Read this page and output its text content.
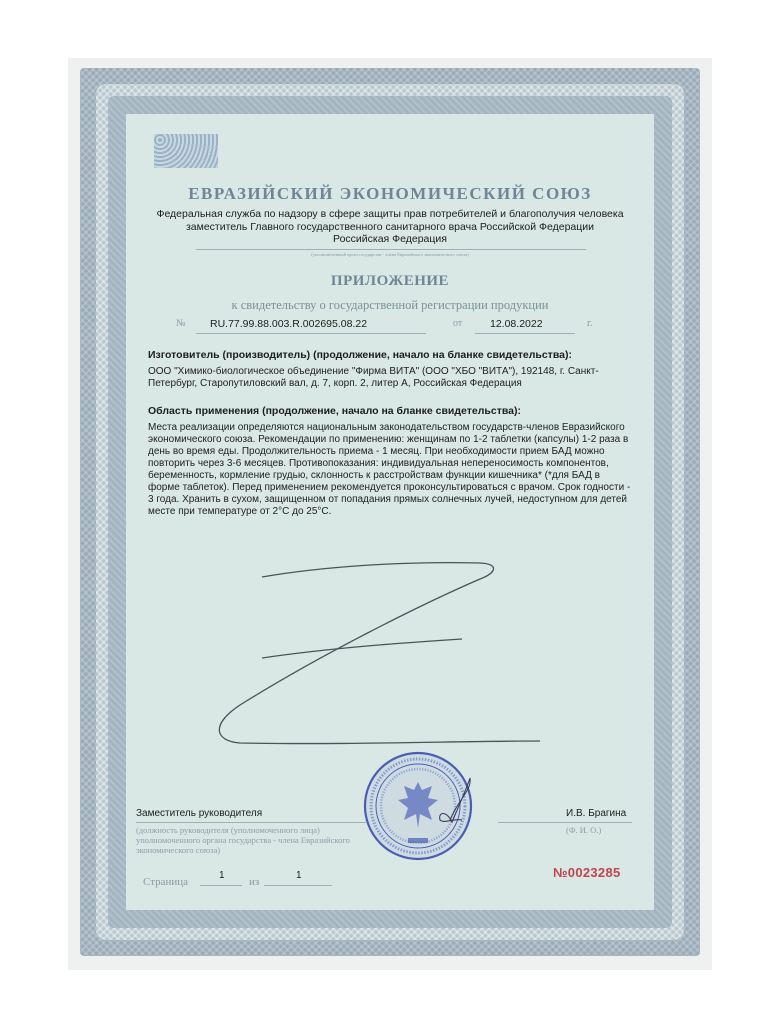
ЕВРАЗИЙСКИЙ ЭКОНОМИЧЕСКИЙ СОЮЗ
Федеральная служба по надзору в сфере защиты прав потребителей и благополучия человека
заместитель Главного государственного санитарного врача Российской Федерации
Российская Федерация
(уполномоченный орган государства - члена Евразийского экономического союза)
ПРИЛОЖЕНИЕ
к свидетельству о государственной регистрации продукции
№ RU.77.99.88.003.R.002695.08.22	от	12.08.2022	г.
Изготовитель (производитель) (продолжение, начало на бланке свидетельства):
ООО "Химико-биологическое объединение "Фирма ВИТА" (ООО "ХБО "ВИТА"), 192148, г. Санкт-Петербург, Старопутиловский вал, д. 7, корп. 2, литер А, Российская Федерация
Область применения (продолжение, начало на бланке свидетельства):
Места реализации определяются национальным законодательством государств-членов Евразийского экономического союза. Рекомендации по применению: женщинам по 1-2 таблетки (капсулы) 1-2 раза в день во время еды. Продолжительность приема - 1 месяц. При необходимости прием БАД можно повторить через 3-6 месяцев. Противопоказания: индивидуальная непереносимость компонентов, беременность, кормление грудью, склонность к расстройствам функции кишечника* (*для БАД в форме таблеток). Перед применением рекомендуется проконсультироваться с врачом. Срок годности - 3 года. Хранить в сухом, защищенном от попадания прямых солнечных лучей, недоступном для детей месте при температуре от 2°С до 25°С.
Заместитель руководителя	И.В. Брагина
(должность руководителя (уполномоченного лица) уполномоченного органа государства - члена Евразийского экономического союза)
(Ф. И. О.)
Страница
1
из
1	№0023285
ООО «Первый печатный двор» · г. Снежинск, 2022 г., «Б»
